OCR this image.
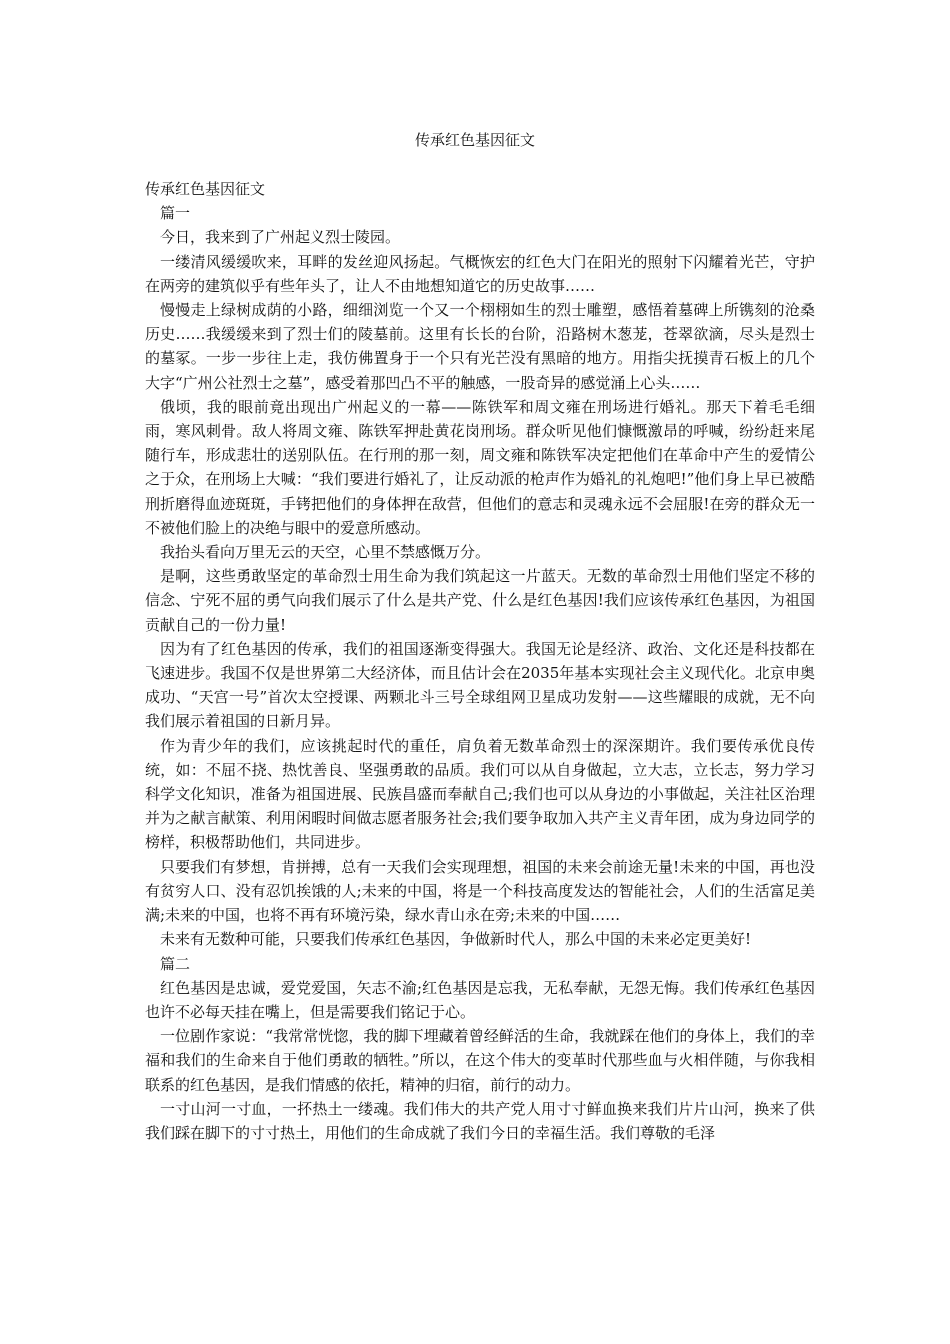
传承红色基因征文

传承红色基因征文

篇一

今日，我来到了广州起义烈士陵园。

一缕清风缓缓吹来，耳畔的发丝迎风扬起。气概恢宏的红色大门在阳光的照射下闪耀着光芒，守护在两旁的建筑似乎有些年头了，让人不由地想知道它的历史故事……

慢慢走上绿树成荫的小路，细细浏览一个又一个栩栩如生的烈士雕塑，感悟着墓碑上所镌刻的沧桑历史……我缓缓来到了烈士们的陵墓前。这里有长长的台阶，沿路树木葱茏，苍翠欲滴，尽头是烈士的墓冢。一步一步往上走，我仿佛置身于一个只有光芒没有黑暗的地方。用指尖抚摸青石板上的几个大字“广州公社烈士之墓”，感受着那凹凸不平的触感，一股奇异的感觉涌上心头……

俄顷，我的眼前竟出现出广州起义的一幕——陈铁军和周文雍在刑场进行婚礼。那天下着毛毛细雨，寒风刺骨。敌人将周文雍、陈铁军押赴黄花岗刑场。群众听见他们慷慨激昂的呼喊，纷纷赶来尾随行车，形成悲壮的送别队伍。在行刑的那一刻，周文雍和陈铁军决定把他们在革命中产生的爱情公之于众，在刑场上大喊：“我们要进行婚礼了，让反动派的枪声作为婚礼的礼炮吧!”他们身上早已被酷刑折磨得血迹斑斑，手铐把他们的身体押在敌营，但他们的意志和灵魂永远不会屈服!在旁的群众无一不被他们脸上的决绝与眼中的爱意所感动。

我抬头看向万里无云的天空，心里不禁感慨万分。

是啊，这些勇敢坚定的革命烈士用生命为我们筑起这一片蓝天。无数的革命烈士用他们坚定不移的信念、宁死不屈的勇气向我们展示了什么是共产党、什么是红色基因!我们应该传承红色基因，为祖国贡献自己的一份力量!

因为有了红色基因的传承，我们的祖国逐渐变得强大。我国无论是经济、政治、文化还是科技都在飞速进步。我国不仅是世界第二大经济体，而且估计会在2035年基本实现社会主义现代化。北京申奥成功、“天宫一号”首次太空授课、两颗北斗三号全球组网卫星成功发射——这些耀眼的成就，无不向我们展示着祖国的日新月异。

作为青少年的我们，应该挑起时代的重任，肩负着无数革命烈士的深深期许。我们要传承优良传统，如：不屈不挠、热忱善良、坚强勇敢的品质。我们可以从自身做起，立大志，立长志，努力学习科学文化知识，准备为祖国进展、民族昌盛而奉献自己;我们也可以从身边的小事做起，关注社区治理并为之献言献策、利用闲暇时间做志愿者服务社会;我们要争取加入共产主义青年团，成为身边同学的榜样，积极帮助他们，共同进步。

只要我们有梦想，肯拼搏，总有一天我们会实现理想，祖国的未来会前途无量!未来的中国，再也没有贫穷人口、没有忍饥挨饿的人;未来的中国，将是一个科技高度发达的智能社会，人们的生活富足美满;未来的中国，也将不再有环境污染，绿水青山永在旁;未来的中国……

未来有无数种可能，只要我们传承红色基因，争做新时代人，那么中国的未来必定更美好!

篇二

红色基因是忠诚，爱党爱国，矢志不渝;红色基因是忘我，无私奉献，无怨无悔。我们传承红色基因也许不必每天挂在嘴上，但是需要我们铭记于心。

一位剧作家说：“我常常恍惚，我的脚下埋藏着曾经鲜活的生命，我就踩在他们的身体上，我们的幸福和我们的生命来自于他们勇敢的牺牲。”所以，在这个伟大的变革时代那些血与火相伴随，与你我相联系的红色基因，是我们情感的依托，精神的归宿，前行的动力。

一寸山河一寸血，一抔热土一缕魂。我们伟大的共产党人用寸寸鲜血换来我们片片山河，换来了供我们踩在脚下的寸寸热土，用他们的生命成就了我们今日的幸福生活。我们尊敬的毛泽
